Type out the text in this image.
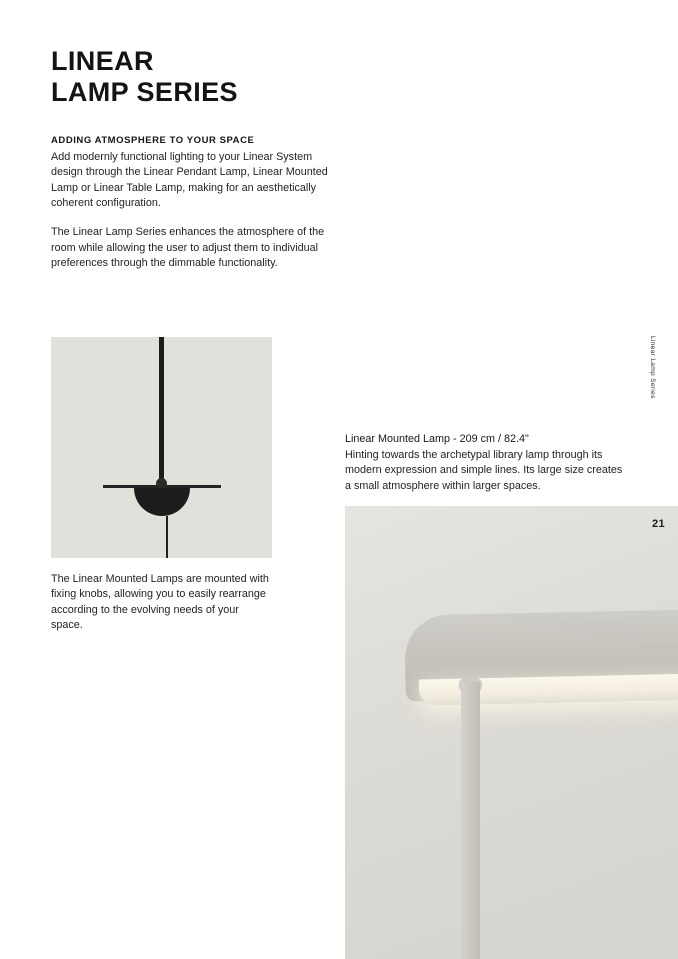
LINEAR
LAMP SERIES
ADDING ATMOSPHERE TO YOUR SPACE

Add modernly functional lighting to your Linear System design through the Linear Pendant Lamp, Linear Mounted Lamp or Linear Table Lamp, making for an aesthetically coherent configuration.

The Linear Lamp Series enhances the atmosphere of the room while allowing the user to adjust them to individual preferences through the dimmable functionality.

The Linear Mounted Lamps are mounted with fixing knobs, allowing you to easily rearrange according to the evolving needs of your space.
Linear Mounted Lamp - 209 cm / 82.4"
Hinting towards the archetypal library lamp through its modern expression and simple lines. Its large size creates a small atmosphere within larger spaces.
21
Linear Lamp Series
